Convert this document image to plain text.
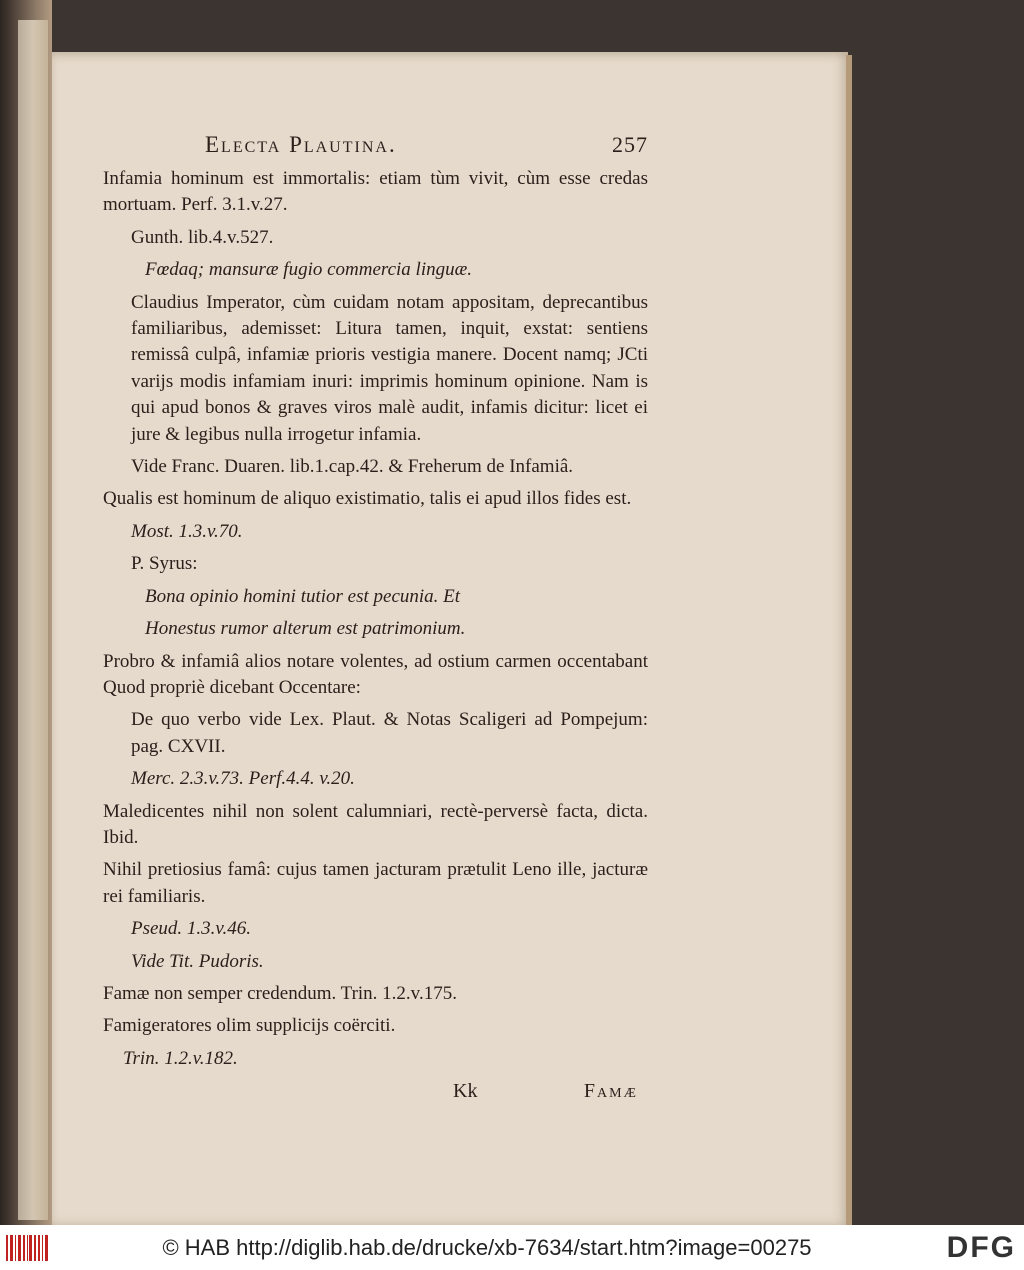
Electa Plautina.	257

Infamia hominum est immortalis: etiam tùm vivit, cùm esse credas mortuam. Perf. 3.1.v.27.

Gunth. lib.4.v.527.

Fœdaq; mansuræ fugio commercia linguæ.

Claudius Imperator, cùm cuidam notam appositam, deprecantibus familiaribus, ademisset: Litura tamen, inquit, exstat: sentiens remissâ culpâ, infamiæ prioris vestigia manere. Docent namq; JCti varijs modis infamiam inuri: imprimis hominum opinione. Nam is qui apud bonos & graves viros malè audit, infamis dicitur: licet ei jure & legibus nulla irrogetur infamia.

Vide Franc. Duaren. lib.1.cap.42. & Freherum de Infamiâ.

Qualis est hominum de aliquo existimatio, talis ei apud illos fides est.

Most. 1.3.v.70.

P. Syrus:

Bona opinio homini tutior est pecunia. Et

Honestus rumor alterum est patrimonium.

Probro & infamiâ alios notare volentes, ad ostium carmen occentabant Quod propriè dicebant Occentare:

De quo verbo vide Lex. Plaut. & Notas Scaligeri ad Pompejum: pag. CXVII.

Merc. 2.3.v.73. Perf.4.4. v.20.

Maledicentes nihil non solent calumniari, rectè-perversè facta, dicta. Ibid.

Nihil pretiosius famâ: cujus tamen jacturam prætulit Leno ille, jacturæ rei familiaris.

Pseud. 1.3.v.46.

Vide Tit. Pudoris.

Famæ non semper credendum. Trin. 1.2.v.175.

Famigeratores olim supplicijs coërciti.

Trin. 1.2.v.182.

Kk	Famæ
© HAB http://diglib.hab.de/drucke/xb-7634/start.htm?image=00275	DFG
